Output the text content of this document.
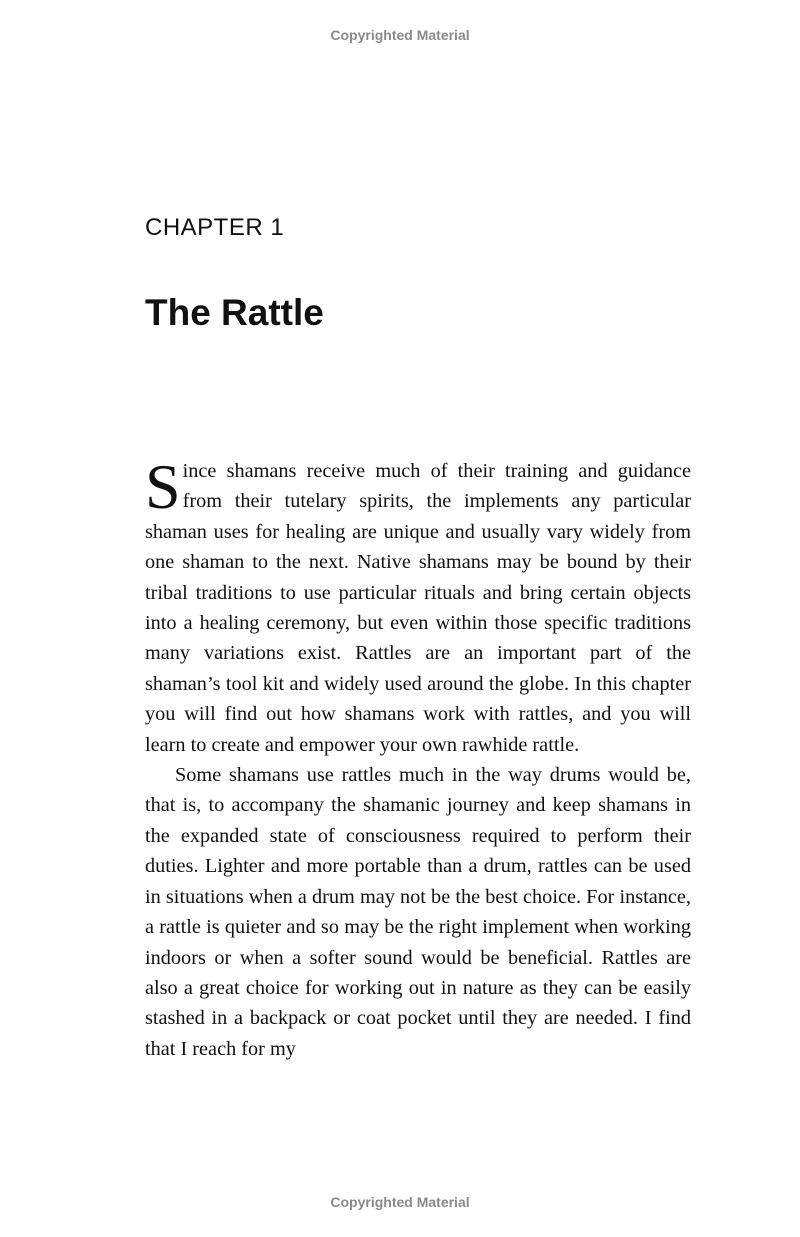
Copyrighted Material
CHAPTER 1
The Rattle

Since shamans receive much of their training and guidance from their tutelary spirits, the implements any particular shaman uses for healing are unique and usually vary widely from one shaman to the next. Native shamans may be bound by their tribal traditions to use particular rituals and bring certain objects into a healing ceremony, but even within those specific traditions many variations exist. Rattles are an important part of the shaman’s tool kit and widely used around the globe. In this chapter you will find out how shamans work with rattles, and you will learn to create and empower your own rawhide rattle.

Some shamans use rattles much in the way drums would be, that is, to accompany the shamanic journey and keep shamans in the expanded state of consciousness required to perform their duties. Lighter and more portable than a drum, rattles can be used in situations when a drum may not be the best choice. For instance, a rattle is quieter and so may be the right implement when working indoors or when a softer sound would be beneficial. Rattles are also a great choice for working out in nature as they can be easily stashed in a backpack or coat pocket until they are needed. I find that I reach for my

Copyrighted Material
